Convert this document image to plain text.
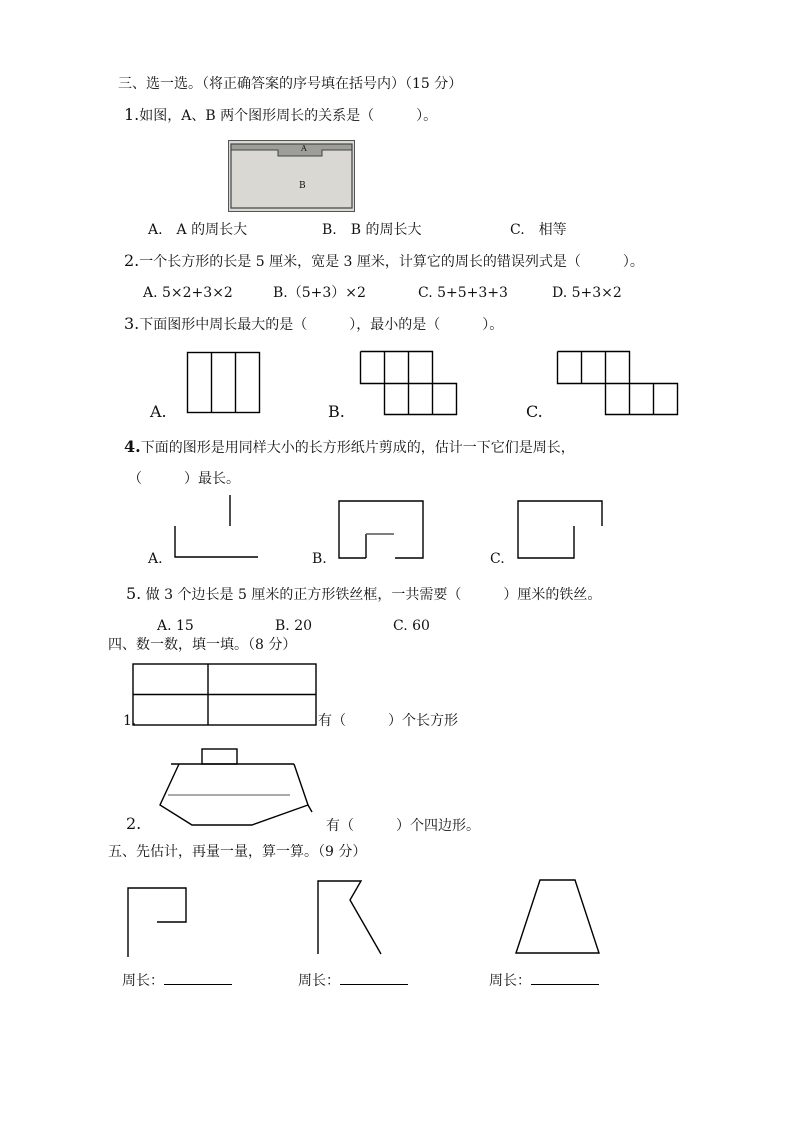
三、选一选。（将正确答案的序号填在括号内）（15 分）
1.如图，A、B 两个图形周长的关系是（　　　）。
A
B
A.　A 的周长大	B.　B 的周长大	C.　相等
2.一个长方形的长是 5 厘米，宽是 3 厘米，计算它的周长的错误列式是（　　　）。
A. 5×2+3×2	B.（5+3）×2	C. 5+5+3+3	D. 5+3×2
3.下面图形中周长最大的是（　　　），最小的是（　　　）。
A.	B.	C.
4.下面的图形是用同样大小的长方形纸片剪成的，估计一下它们是周长，
（　　　）最长。
A.	B.	C.
5. 做 3 个边长是 5 厘米的正方形铁丝框，一共需要（　　　）厘米的铁丝。
A. 15	B. 20	C. 60
四、数一数，填一填。（8 分）
1.	有（　　　）个长方形
2.	有（　　　）个四边形。
五、先估计，再量一量，算一算。（9 分）
周长：	周长：	周长：
